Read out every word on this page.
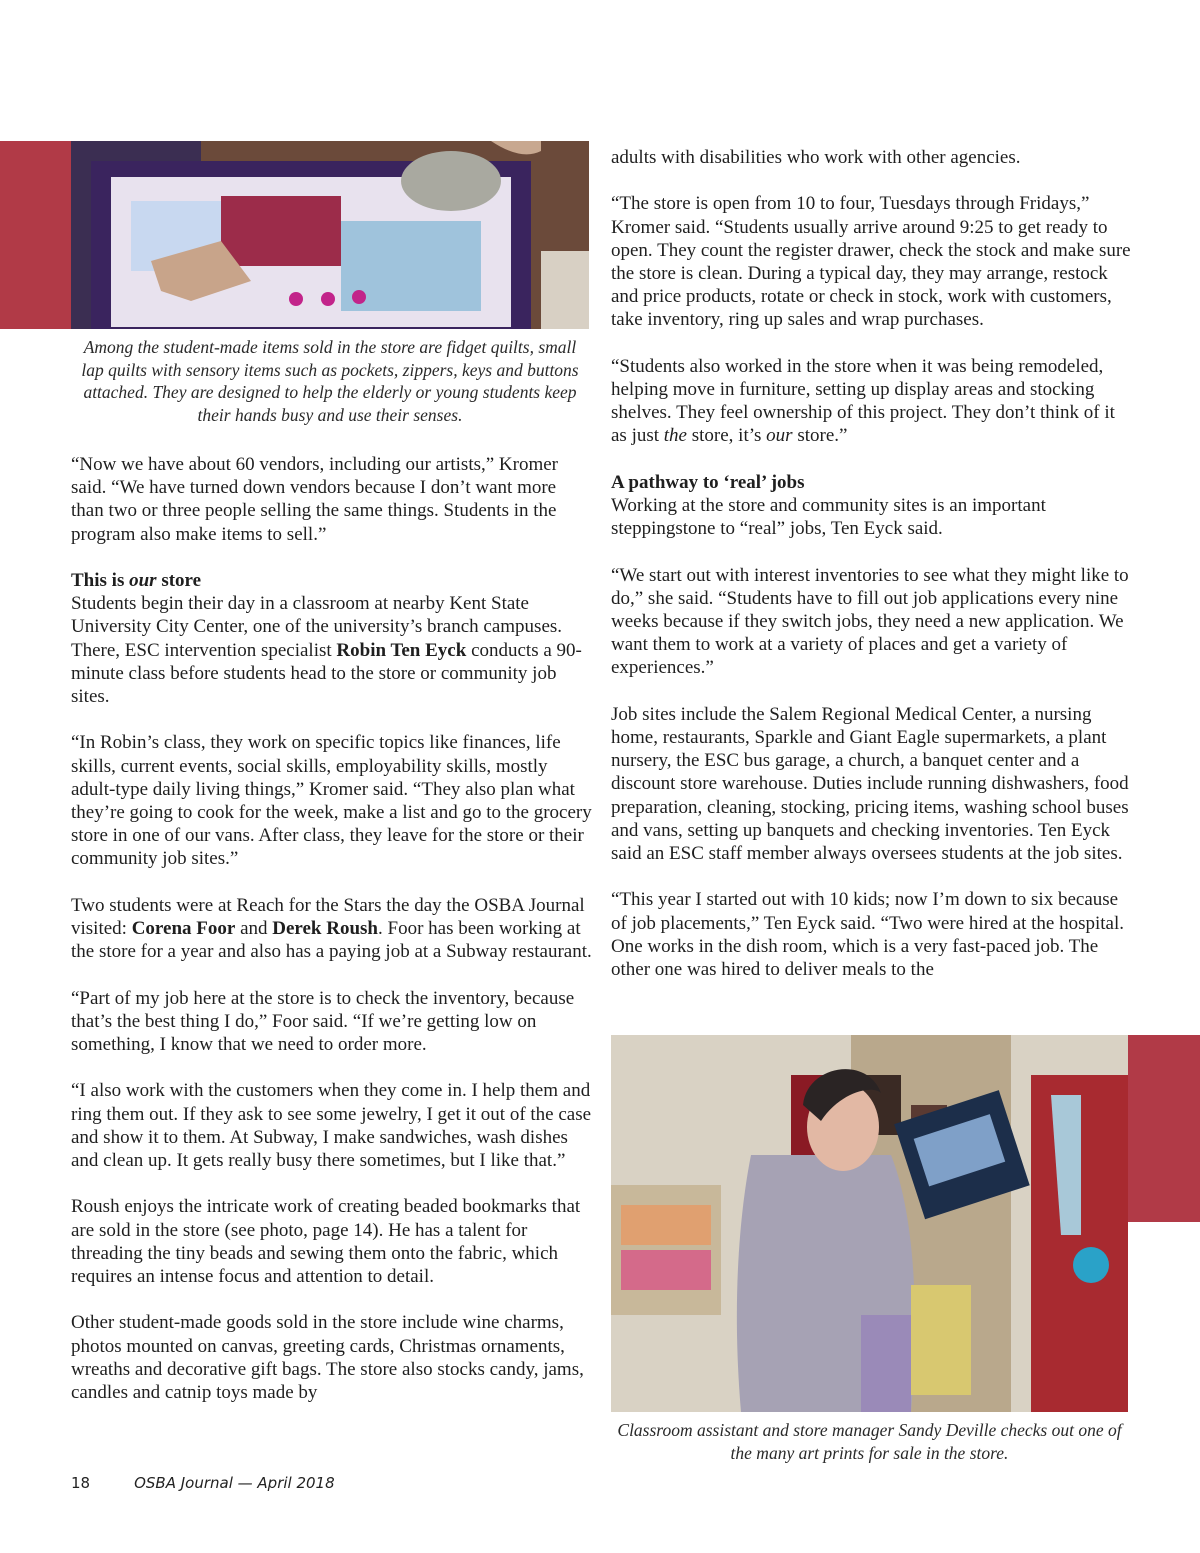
Among the student-made items sold in the store are fidget quilts, small lap quilts with sensory items such as pockets, zippers, keys and buttons attached. They are designed to help the elderly or young students keep their hands busy and use their senses.

“Now we have about 60 vendors, including our artists,” Kromer said. “We have turned down vendors because I don’t want more than two or three people selling the same things. Students in the program also make items to sell.”

This is our store

Students begin their day in a classroom at nearby Kent State University City Center, one of the university’s branch campuses. There, ESC intervention specialist Robin Ten Eyck conducts a 90-minute class before students head to the store or community job sites.

“In Robin’s class, they work on specific topics like finances, life skills, current events, social skills, employability skills, mostly adult-type daily living things,” Kromer said. “They also plan what they’re going to cook for the week, make a list and go to the grocery store in one of our vans. After class, they leave for the store or their community job sites.”

Two students were at Reach for the Stars the day the OSBA Journal visited: Corena Foor and Derek Roush. Foor has been working at the store for a year and also has a paying job at a Subway restaurant.

“Part of my job here at the store is to check the inventory, because that’s the best thing I do,” Foor said. “If we’re getting low on something, I know that we need to order more.

“I also work with the customers when they come in. I help them and ring them out. If they ask to see some jewelry, I get it out of the case and show it to them. At Subway, I make sandwiches, wash dishes and clean up. It gets really busy there sometimes, but I like that.”

Roush enjoys the intricate work of creating beaded bookmarks that are sold in the store (see photo, page 14). He has a talent for threading the tiny beads and sewing them onto the fabric, which requires an intense focus and attention to detail.

Other student-made goods sold in the store include wine charms, photos mounted on canvas, greeting cards, Christmas ornaments, wreaths and decorative gift bags. The store also stocks candy, jams, candles and catnip toys made by

adults with disabilities who work with other agencies.

“The store is open from 10 to four, Tuesdays through Fridays,” Kromer said. “Students usually arrive around 9:25 to get ready to open. They count the register drawer, check the stock and make sure the store is clean. During a typical day, they may arrange, restock and price products, rotate or check in stock, work with customers, take inventory, ring up sales and wrap purchases.

“Students also worked in the store when it was being remodeled, helping move in furniture, setting up display areas and stocking shelves. They feel ownership of this project. They don’t think of it as just the store, it’s our store.”

A pathway to ‘real’ jobs

Working at the store and community sites is an important steppingstone to “real” jobs, Ten Eyck said.

“We start out with interest inventories to see what they might like to do,” she said. “Students have to fill out job applications every nine weeks because if they switch jobs, they need a new application. We want them to work at a variety of places and get a variety of experiences.”

Job sites include the Salem Regional Medical Center, a nursing home, restaurants, Sparkle and Giant Eagle supermarkets, a plant nursery, the ESC bus garage, a church, a banquet center and a discount store warehouse. Duties include running dishwashers, food preparation, cleaning, stocking, pricing items, washing school buses and vans, setting up banquets and checking inventories. Ten Eyck said an ESC staff member always oversees students at the job sites.

“This year I started out with 10 kids; now I’m down to six because of job placements,” Ten Eyck said. “Two were hired at the hospital. One works in the dish room, which is a very fast-paced job. The other one was hired to deliver meals to the

Classroom assistant and store manager Sandy Deville checks out one of the many art prints for sale in the store.

18	OSBA Journal — April 2018
